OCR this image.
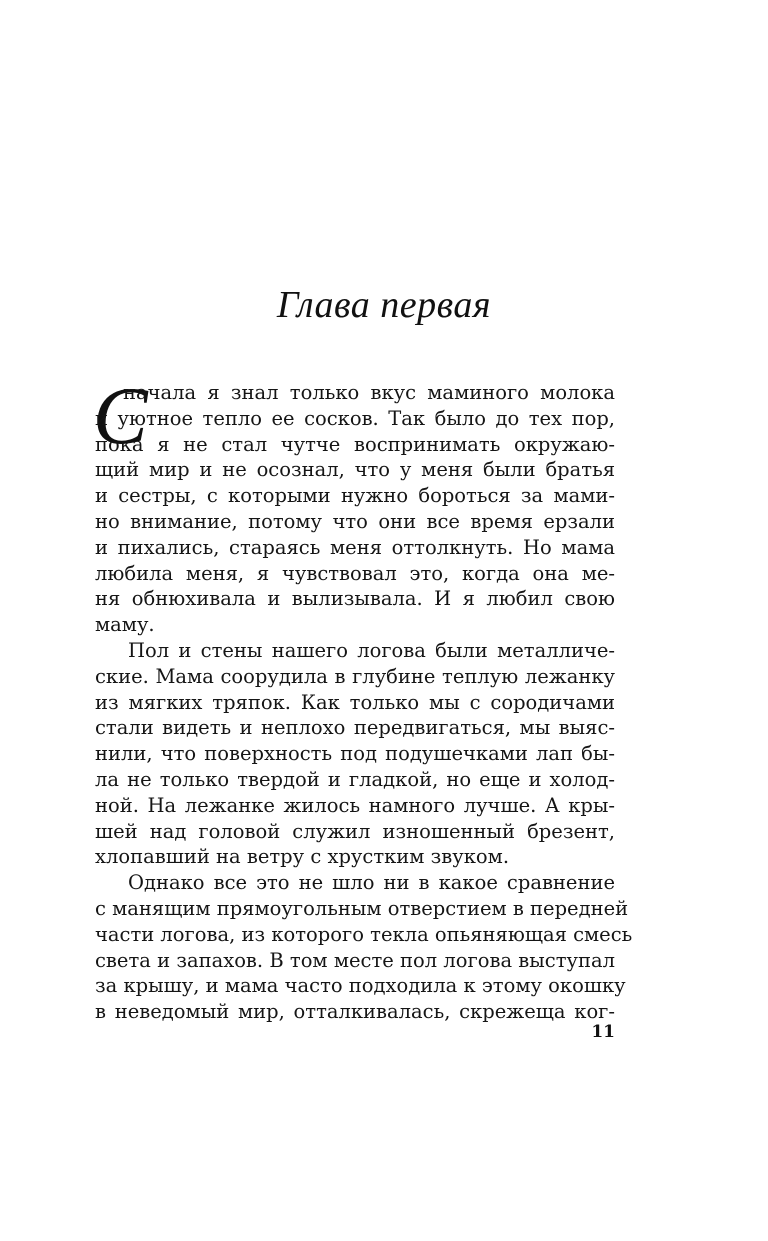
Глава первая
С
начала я знал только вкус маминого молока
и уютное тепло ее сосков. Так было до тех пор,
пока я не стал чутче воспринимать окружаю-
щий мир и не осознал, что у меня были братья
и сестры, с которыми нужно бороться за мами-
но внимание, потому что они все время ерзали
и пихались, стараясь меня оттолкнуть. Но мама
любила меня, я чувствовал это, когда она ме-
ня обнюхивала и вылизывала. И я любил свою
маму.
Пол и стены нашего логова были металличе-
ские. Мама соорудила в глубине теплую лежанку
из мягких тряпок. Как только мы с сородичами
стали видеть и неплохо передвигаться, мы выяс-
нили, что поверхность под подушечками лап бы-
ла не только твердой и гладкой, но еще и холод-
ной. На лежанке жилось намного лучше. А кры-
шей над головой служил изношенный брезент,
хлопавший на ветру с хрустким звуком.
Однако все это не шло ни в какое сравнение
с манящим прямоугольным отверстием в передней
части логова, из которого текла опьяняющая смесь
света и запахов. В том месте пол логова выступал
за крышу, и мама часто подходила к этому окошку
в неведомый мир, отталкивалась, скрежеща ког-
11
